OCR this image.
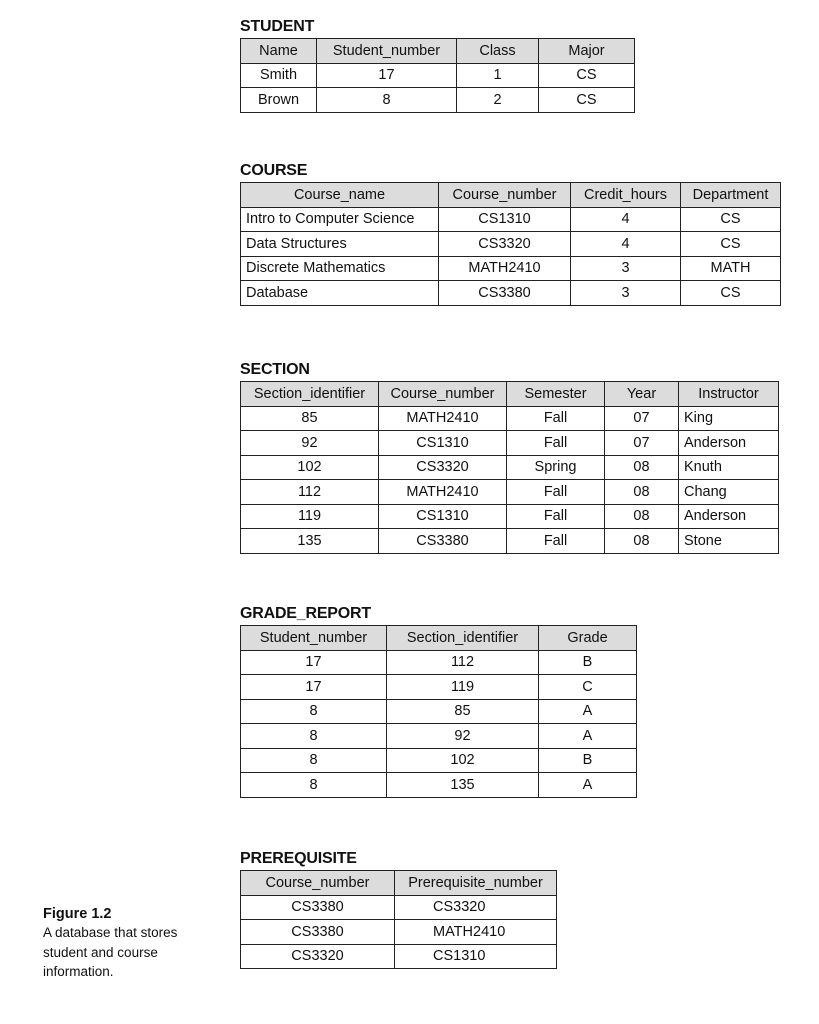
STUDENT
Name	Student_number	Class	Major
Smith	17	1	CS
Brown	8	2	CS
COURSE
Course_name	Course_number	Credit_hours	Department
Intro to Computer Science	CS1310	4	CS
Data Structures	CS3320	4	CS
Discrete Mathematics	MATH2410	3	MATH
Database	CS3380	3	CS
SECTION
Section_identifier	Course_number	Semester	Year	Instructor
85	MATH2410	Fall	07	King
92	CS1310	Fall	07	Anderson
102	CS3320	Spring	08	Knuth
112	MATH2410	Fall	08	Chang
119	CS1310	Fall	08	Anderson
135	CS3380	Fall	08	Stone
GRADE_REPORT
Student_number	Section_identifier	Grade
17	112	B
17	119	C
8	85	A
8	92	A
8	102	B
8	135	A
PREREQUISITE
Course_number	Prerequisite_number
CS3380	CS3320
CS3380	MATH2410
CS3320	CS1310
Figure 1.2
A database that stores
student and course
information.
